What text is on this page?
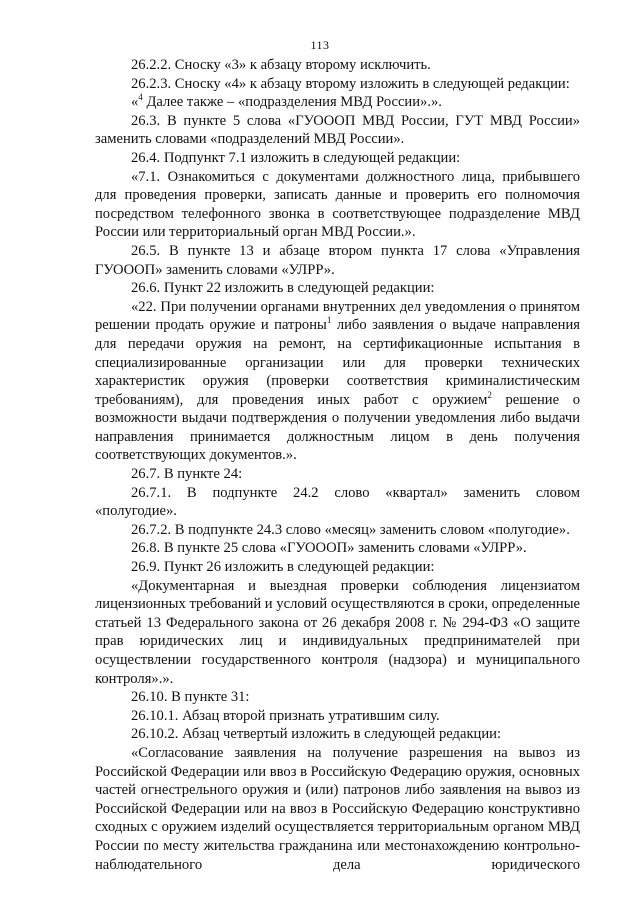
113

26.2.2. Сноску «3» к абзацу второму исключить.

26.2.3. Сноску «4» к абзацу второму изложить в следующей редакции:

«$^4$ Далее также – «подразделения МВД России».».

26.3. В пункте 5 слова «ГУОООП МВД России, ГУТ МВД России» заменить словами «подразделений МВД России».

26.4. Подпункт 7.1 изложить в следующей редакции:

«7.1. Ознакомиться с документами должностного лица, прибывшего для проведения проверки, записать данные и проверить его полномочия посредством телефонного звонка в соответствующее подразделение МВД России или территориальный орган МВД России.».

26.5. В пункте 13 и абзаце втором пункта 17 слова «Управления ГУОООП» заменить словами «УЛРР».

26.6. Пункт 22 изложить в следующей редакции:

«22. При получении органами внутренних дел уведомления о принятом решении продать оружие и патроны$^1$ либо заявления о выдаче направления для передачи оружия на ремонт, на сертификационные испытания в специализированные организации или для проверки технических характеристик оружия (проверки соответствия криминалистическим требованиям), для проведения иных работ с оружием$^2$ решение о возможности выдачи подтверждения о получении уведомления либо выдачи направления принимается должностным лицом в день получения соответствующих документов.».

26.7. В пункте 24:

26.7.1. В подпункте 24.2 слово «квартал» заменить словом «полугодие».

26.7.2. В подпункте 24.3 слово «месяц» заменить словом «полугодие».

26.8. В пункте 25 слова «ГУОООП» заменить словами «УЛРР».

26.9. Пункт 26 изложить в следующей редакции:

«Документарная и выездная проверки соблюдения лицензиатом лицензионных требований и условий осуществляются в сроки, определенные статьей 13 Федерального закона от 26 декабря 2008 г. № 294-ФЗ «О защите прав юридических лиц и индивидуальных предпринимателей при осуществлении государственного контроля (надзора) и муниципального контроля».».

26.10. В пункте 31:

26.10.1. Абзац второй признать утратившим силу.

26.10.2. Абзац четвертый изложить в следующей редакции:

«Согласование заявления на получение разрешения на вывоз из Российской Федерации или ввоз в Российскую Федерацию оружия, основных частей огнестрельного оружия и (или) патронов либо заявления на вывоз из Российской Федерации или на ввоз в Российскую Федерацию конструктивно сходных с оружием изделий осуществляется территориальным органом МВД России по месту жительства гражданина или местонахождению контрольно-наблюдательного дела юридического
